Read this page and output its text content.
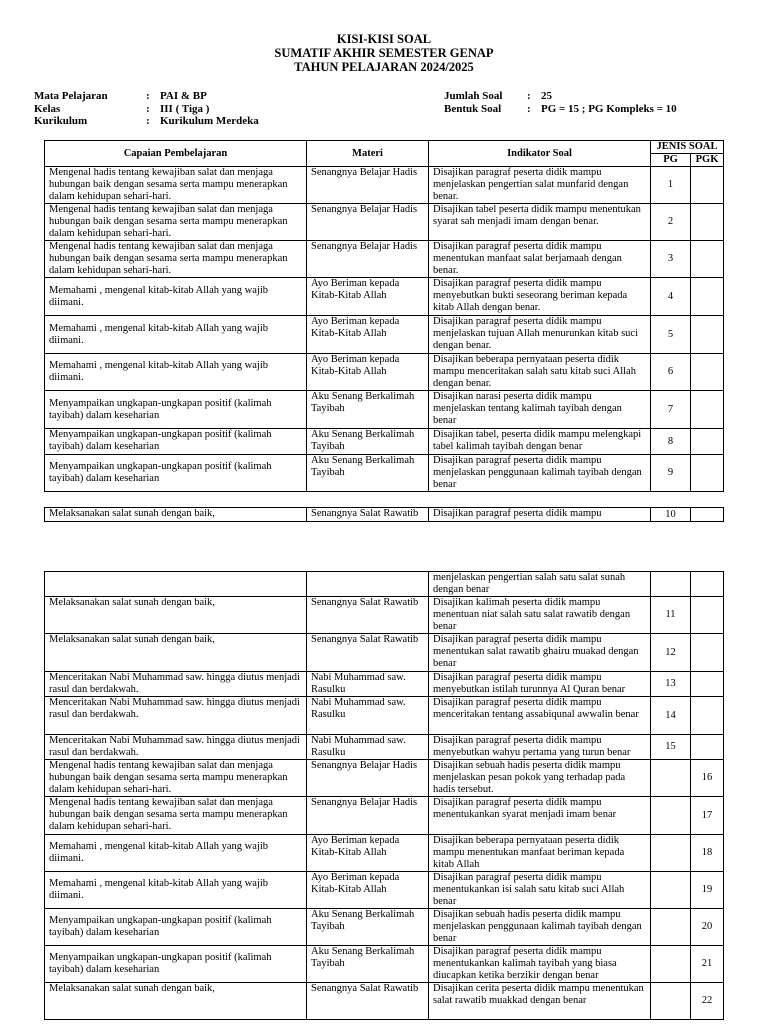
KISI-KISI SOAL
SUMATIF AKHIR SEMESTER GENAP
TAHUN PELAJARAN 2024/2025
Mata Pelajaran	: PAI & BP
Kelas	: III ( Tiga )
Kurikulum	: Kurikulum Merdeka
Jumlah Soal	: 25
Bentuk Soal	: PG = 15 ; PG Kompleks = 10
Capaian Pembelajaran	Materi	Indikator Soal	JENIS SOAL	
			PG	PGK
Mengenal hadis tentang kewajiban salat dan menjaga hubungan baik dengan sesama serta mampu menerapkan dalam kehidupan sehari-hari.	Senangnya Belajar Hadis	Disajikan paragraf peserta didik mampu menjelaskan pengertian salat munfarid dengan benar.	1	
Mengenal hadis tentang kewajiban salat dan menjaga hubungan baik dengan sesama serta mampu menerapkan dalam kehidupan sehari-hari.	Senangnya Belajar Hadis	Disajikan tabel peserta didik mampu menentukan syarat sah menjadi imam dengan benar.	2	
Mengenal hadis tentang kewajiban salat dan menjaga hubungan baik dengan sesama serta mampu menerapkan dalam kehidupan sehari-hari.	Senangnya Belajar Hadis	Disajikan paragraf peserta didik mampu menentukan manfaat salat berjamaah dengan benar.	3	
Memahami , mengenal kitab-kitab Allah yang wajib diimani.	Ayo Beriman kepada Kitab-Kitab Allah	Disajikan paragraf peserta didik mampu menyebutkan bukti seseorang beriman kepada kitab Allah dengan benar.	4	
Memahami , mengenal kitab-kitab Allah yang wajib diimani.	Ayo Beriman kepada Kitab-Kitab Allah	Disajikan paragraf peserta didik mampu menjelaskan tujuan Allah menurunkan kitab suci dengan benar.	5	
Memahami , mengenal kitab-kitab Allah yang wajib diimani.	Ayo Beriman kepada Kitab-Kitab Allah	Disajikan beberapa pernyataan peserta didik mampu menceritakan salah satu kitab suci Allah dengan benar.	6	
Menyampaikan ungkapan-ungkapan positif (kalimah tayibah) dalam keseharian	Aku Senang Berkalimah Tayibah	Disajikan narasi peserta didik mampu menjelaskan tentang kalimah tayibah dengan benar	7	
Menyampaikan ungkapan-ungkapan positif (kalimah tayibah) dalam keseharian	Aku Senang Berkalimah Tayibah	Disajikan tabel, peserta didik mampu melengkapi tabel kalimah tayibah dengan benar	8	
Menyampaikan ungkapan-ungkapan positif (kalimah tayibah) dalam keseharian	Aku Senang Berkalimah Tayibah	Disajikan paragraf peserta didik mampu menjelaskan penggunaan kalimah tayibah dengan benar	9	
Melaksanakan salat sunah dengan baik,	Senangnya Salat Rawatib	Disajikan paragraf peserta didik mampu	10	
		menjelaskan pengertian salah satu salat sunah dengan benar		
Melaksanakan salat sunah dengan baik,	Senangnya Salat Rawatib	Disajikan kalimah peserta didik mampu menentuan niat salah satu salat rawatib dengan benar	11	
Melaksanakan salat sunah dengan baik,	Senangnya Salat Rawatib	Disajikan paragraf peserta didik mampu menentukan salat rawatib ghairu muakad dengan benar	12	
Menceritakan Nabi Muhammad saw. hingga diutus menjadi rasul dan berdakwah.	Nabi Muhammad saw. Rasulku	Disajikan paragraf peserta didik mampu menyebutkan istilah turunnya Al Quran benar	13	
Menceritakan Nabi Muhammad saw. hingga diutus menjadi rasul dan berdakwah.	Nabi Muhammad saw. Rasulku	Disajikan paragraf peserta didik mampu menceritakan tentang assabiqunal awwalin benar	14	
Menceritakan Nabi Muhammad saw. hingga diutus menjadi rasul dan berdakwah.	Nabi Muhammad saw. Rasulku	Disajikan paragraf peserta didik mampu menyebutkan wahyu pertama yang turun benar	15	
Mengenal hadis tentang kewajiban salat dan menjaga hubungan baik dengan sesama serta mampu menerapkan dalam kehidupan sehari-hari.	Senangnya Belajar Hadis	Disajikan sebuah hadis peserta didik mampu menjelaskan pesan pokok yang terhadap pada hadis tersebut.		16
Mengenal hadis tentang kewajiban salat dan menjaga hubungan baik dengan sesama serta mampu menerapkan dalam kehidupan sehari-hari.	Senangnya Belajar Hadis	Disajikan paragraf peserta didik mampu menentukankan syarat menjadi imam benar		17
Memahami , mengenal kitab-kitab Allah yang wajib diimani.	Ayo Beriman kepada Kitab-Kitab Allah	Disajikan beberapa pernyataan peserta didik mampu menentukan manfaat beriman kepada kitab Allah		18
Memahami , mengenal kitab-kitab Allah yang wajib diimani.	Ayo Beriman kepada Kitab-Kitab Allah	Disajikan paragraf peserta didik mampu menentukankan isi salah satu kitab suci Allah benar		19
Menyampaikan ungkapan-ungkapan positif (kalimah tayibah) dalam keseharian	Aku Senang Berkalimah Tayibah	Disajikan sebuah hadis peserta didik mampu menjelaskan penggunaan kalimah tayibah dengan benar		20
Menyampaikan ungkapan-ungkapan positif (kalimah tayibah) dalam keseharian	Aku Senang Berkalimah Tayibah	Disajikan paragraf peserta didik mampu menentukankan kalimah tayibah yang biasa diucapkan ketika berzikir dengan benar		21
Melaksanakan salat sunah dengan baik,	Senangnya Salat Rawatib	Disajikan cerita peserta didik mampu menentukan salat rawatib muakkad dengan benar		22
